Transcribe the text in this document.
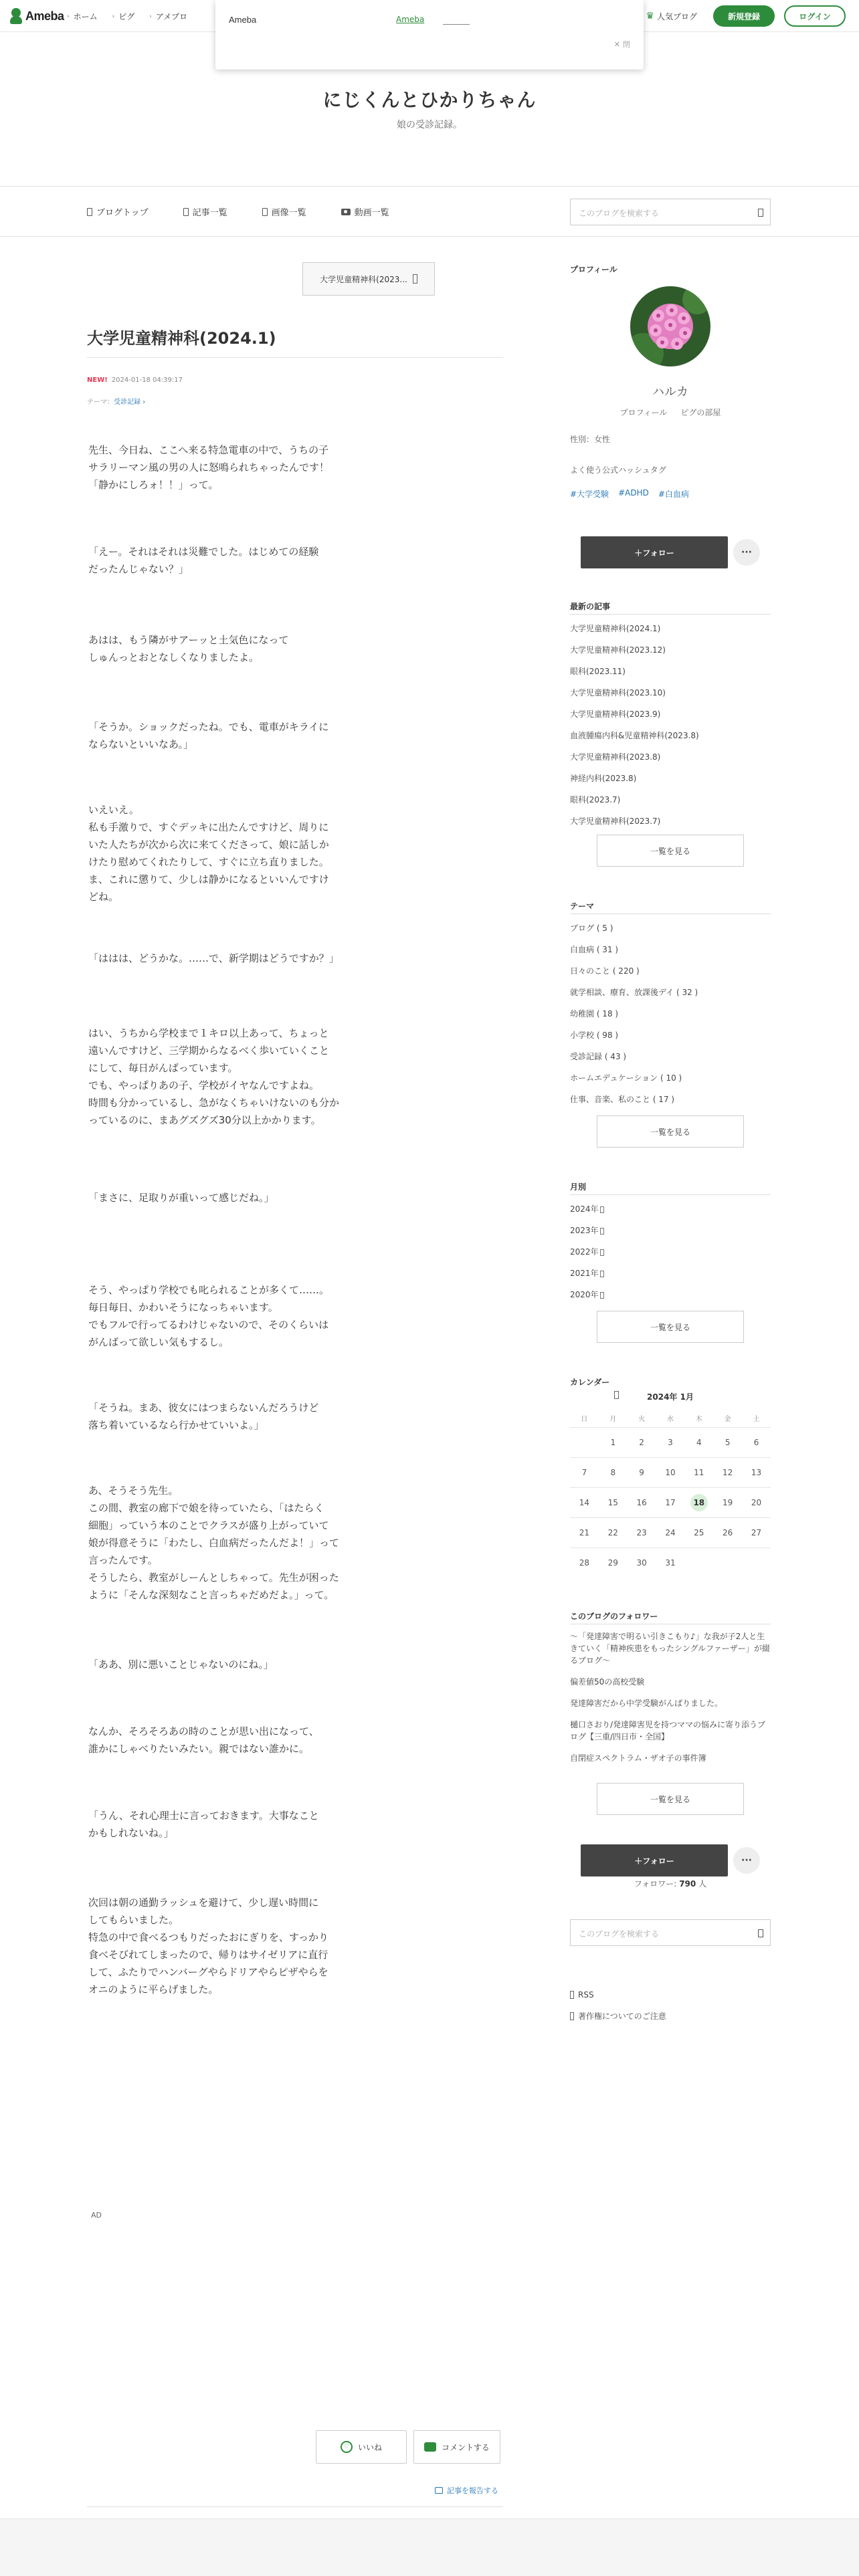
Ameba › ホーム › ピグ › アメブロ	♛ 人気ブログ	新規登録	ログイン
Ameba	Ameba
✕ 閉
にじくんとひかりちゃん
娘の受診記録。
ブログトップ	記事一覧	画像一覧	動画一覧	このブログを検索する
大学児童精神科(2023...
大学児童精神科(2024.1)
NEW! 2024-01-18 04:39:17
テーマ：受診記録 ›
先生、今日ね、ここへ来る特急電車の中で、うちの子
サラリーマン風の男の人に怒鳴られちゃったんです！
「静かにしろォ！！」って。
「えー。それはそれは災難でした。はじめての経験
だったんじゃない？」
あはは、もう隣がサアーッと土気色になって
しゅんっとおとなしくなりましたよ。
「そうか。ショックだったね。でも、電車がキライに
ならないといいなあ。」
いえいえ。
私も手激りで、すぐデッキに出たんですけど、周りに
いた人たちが次から次に来てくださって、娘に話しか
けたり慰めてくれたりして、すぐに立ち直りました。
ま、これに懲りて、少しは静かになるといいんですけ
どね。
「ははは、どうかな。……で、新学期はどうですか？」
はい、うちから学校まで１キロ以上あって、ちょっと
遠いんですけど、三学期からなるべく歩いていくこと
にして、毎日がんばっています。
でも、やっぱりあの子、学校がイヤなんですよね。
時間も分かっているし、急がなくちゃいけないのも分か
っているのに、まあグズグズ30分以上かかります。
「まさに、足取りが重いって感じだね。」
そう、やっぱり学校でも叱られることが多くて……。
毎日毎日、かわいそうになっちゃいます。
でもフルで行ってるわけじゃないので、そのくらいは
がんばって欲しい気もするし。
「そうね。まあ、彼女にはつまらないんだろうけど
落ち着いているなら行かせていいよ。」
あ、そうそう先生。
この間、教室の廊下で娘を待っていたら、「はたらく
細胞」っていう本のことでクラスが盛り上がっていて
娘が得意そうに「わたし、白血病だったんだよ！」って
言ったんです。
そうしたら、教室がしーんとしちゃって。先生が困った
ように「そんな深刻なこと言っちゃだめだよ。」って。
「ああ、別に悪いことじゃないのにね。」
なんか、そろそろあの時のことが思い出になって、
誰かにしゃべりたいみたい。親ではない誰かに。
「うん、それ心理士に言っておきます。大事なこと
かもしれないね。」
次回は朝の通勤ラッシュを避けて、少し遅い時間に
してもらいました。
特急の中で食べるつもりだったおにぎりを、すっかり
食べそびれてしまったので、帰りはサイゼリアに直行
して、ふたりでハンバーグやらドリアやらピザやらを
オニのように平らげました。
AD
♡	いいね	コメントする
記事を報告する
プロフィール
ハルカ
プロフィール ピグの部屋
性別：女性
よく使う公式ハッシュタグ
#大学受験 #ADHD #白血病
＋フォロー	···
最新の記事
大学児童精神科(2024.1)
大学児童精神科(2023.12)
眼科(2023.11)
大学児童精神科(2023.10)
大学児童精神科(2023.9)
血液腫瘍内科&児童精神科(2023.8)
大学児童精神科(2023.8)
神経内科(2023.8)
眼科(2023.7)
大学児童精神科(2023.7)
一覧を見る
テーマ
ブログ ( 5 )
白血病 ( 31 )
日々のこと ( 220 )
就学相談、療育、放課後デイ ( 32 )
幼稚園 ( 18 )
小学校 ( 98 )
受診記録 ( 43 )
ホームエデュケーション ( 10 )
仕事、音楽、私のこと ( 17 )
一覧を見る
月別
2024年
2023年
2022年
2021年
2020年
一覧を見る
カレンダー
2024年 1月
日	月	火	水	木	金	土
	1	2	3	4	5	6
7	8	9	10	11	12	13
14	15	16	17	18	19	20
21	22	23	24	25	26	27
28	29	30	31			
このブログのフォロワー
〜「発達障害で明るい引きこもり♪」な我が子2人と生きていく「精神疾患をもったシングルファーザー」が綴るブログ〜
偏差値50の高校受験
発達障害だから中学受験がんばりました。
樋口さおり/発達障害児を持つママの悩みに寄り添うブログ【三重/四日市・全国】
自閉症スペクトラム・ザオ子の事件簿
一覧を見る
フォロワー: 790 人
＋フォロー	···
このブログを検索する
RSS
著作権についてのご注意
